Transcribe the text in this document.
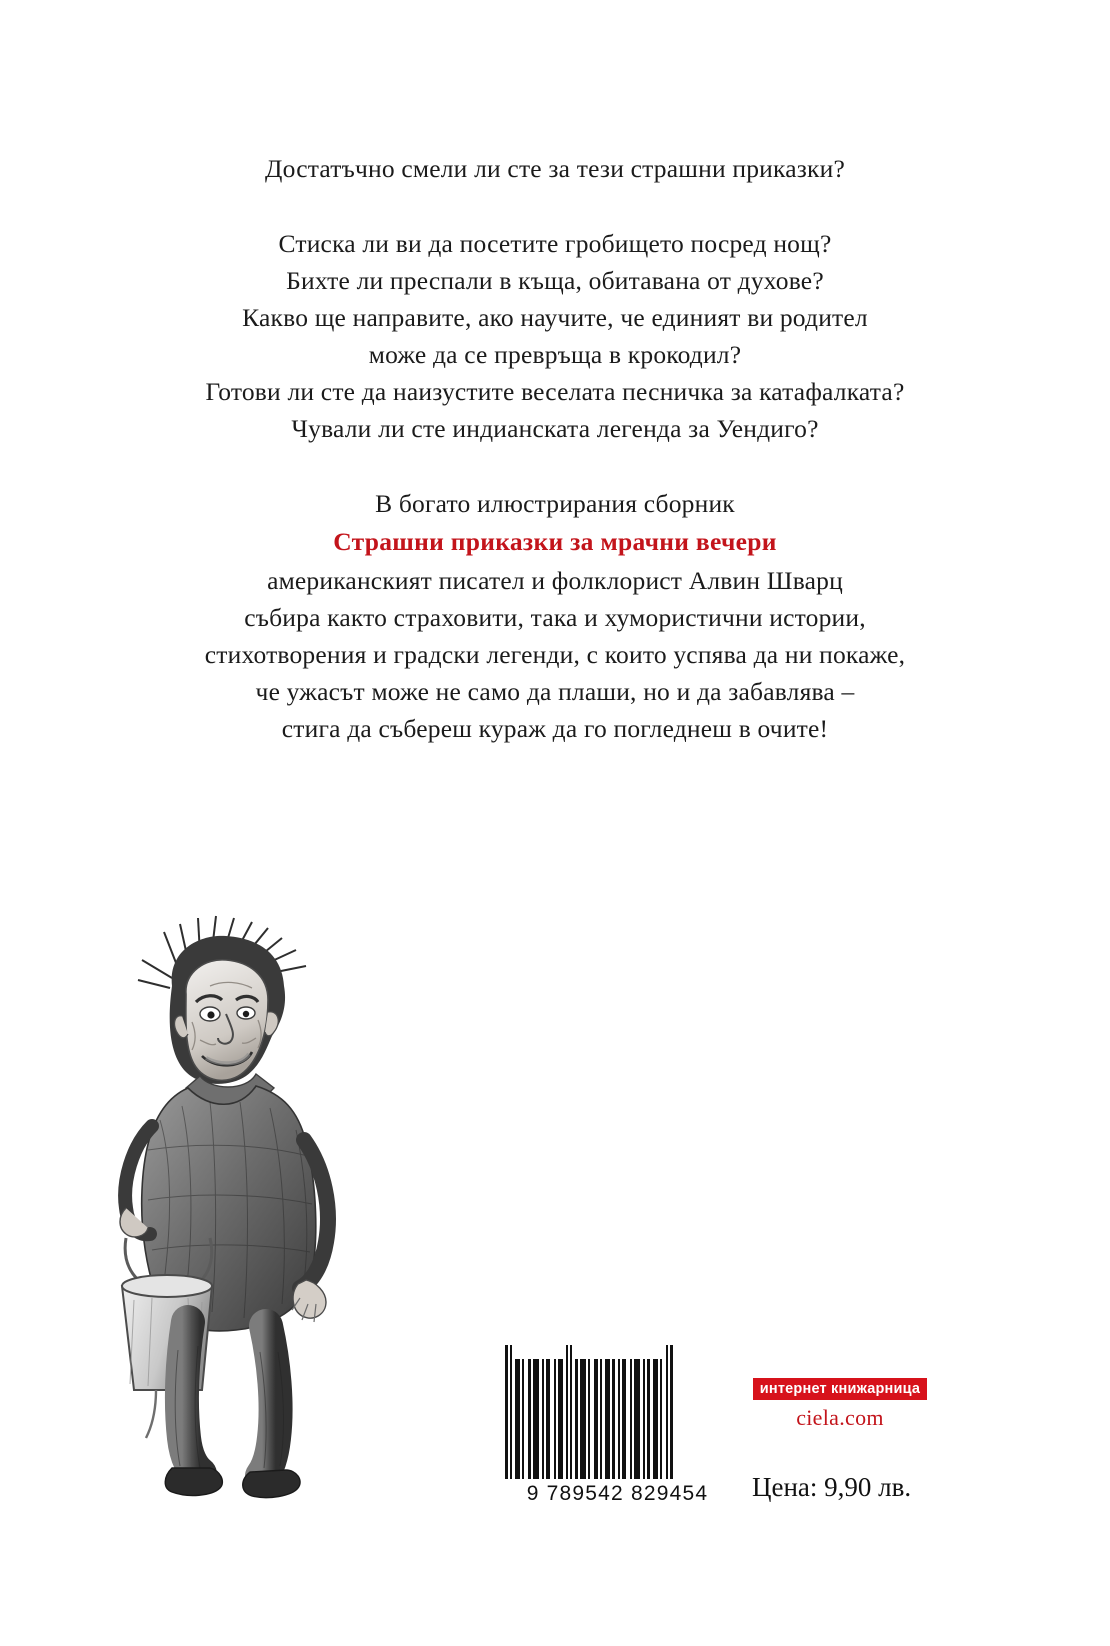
Достатъчно смели ли сте за тези страшни приказки?

Стиска ли ви да посетите гробището посред нощ?
Бихте ли преспали в къща, обитавана от духове?
Какво ще направите, ако научите, че единият ви родител
може да се превръща в крокодил?
Готови ли сте да наизустите веселата песничка за катафалката?
Чували ли сте индианската легенда за Уендиго?
В богато илюстрирания сборник
Страшни приказки за мрачни вечери
американският писател и фолклорист Алвин Шварц
събира както страховити, така и хумористични истории,
стихотворения и градски легенди, с които успява да ни покаже,
че ужасът може не само да плаши, но и да забавлява –
стига да събереш кураж да го погледнеш в очите!
9 789542 829454	Цена: 9,90 лв.
интернет книжарница
ciela.com
